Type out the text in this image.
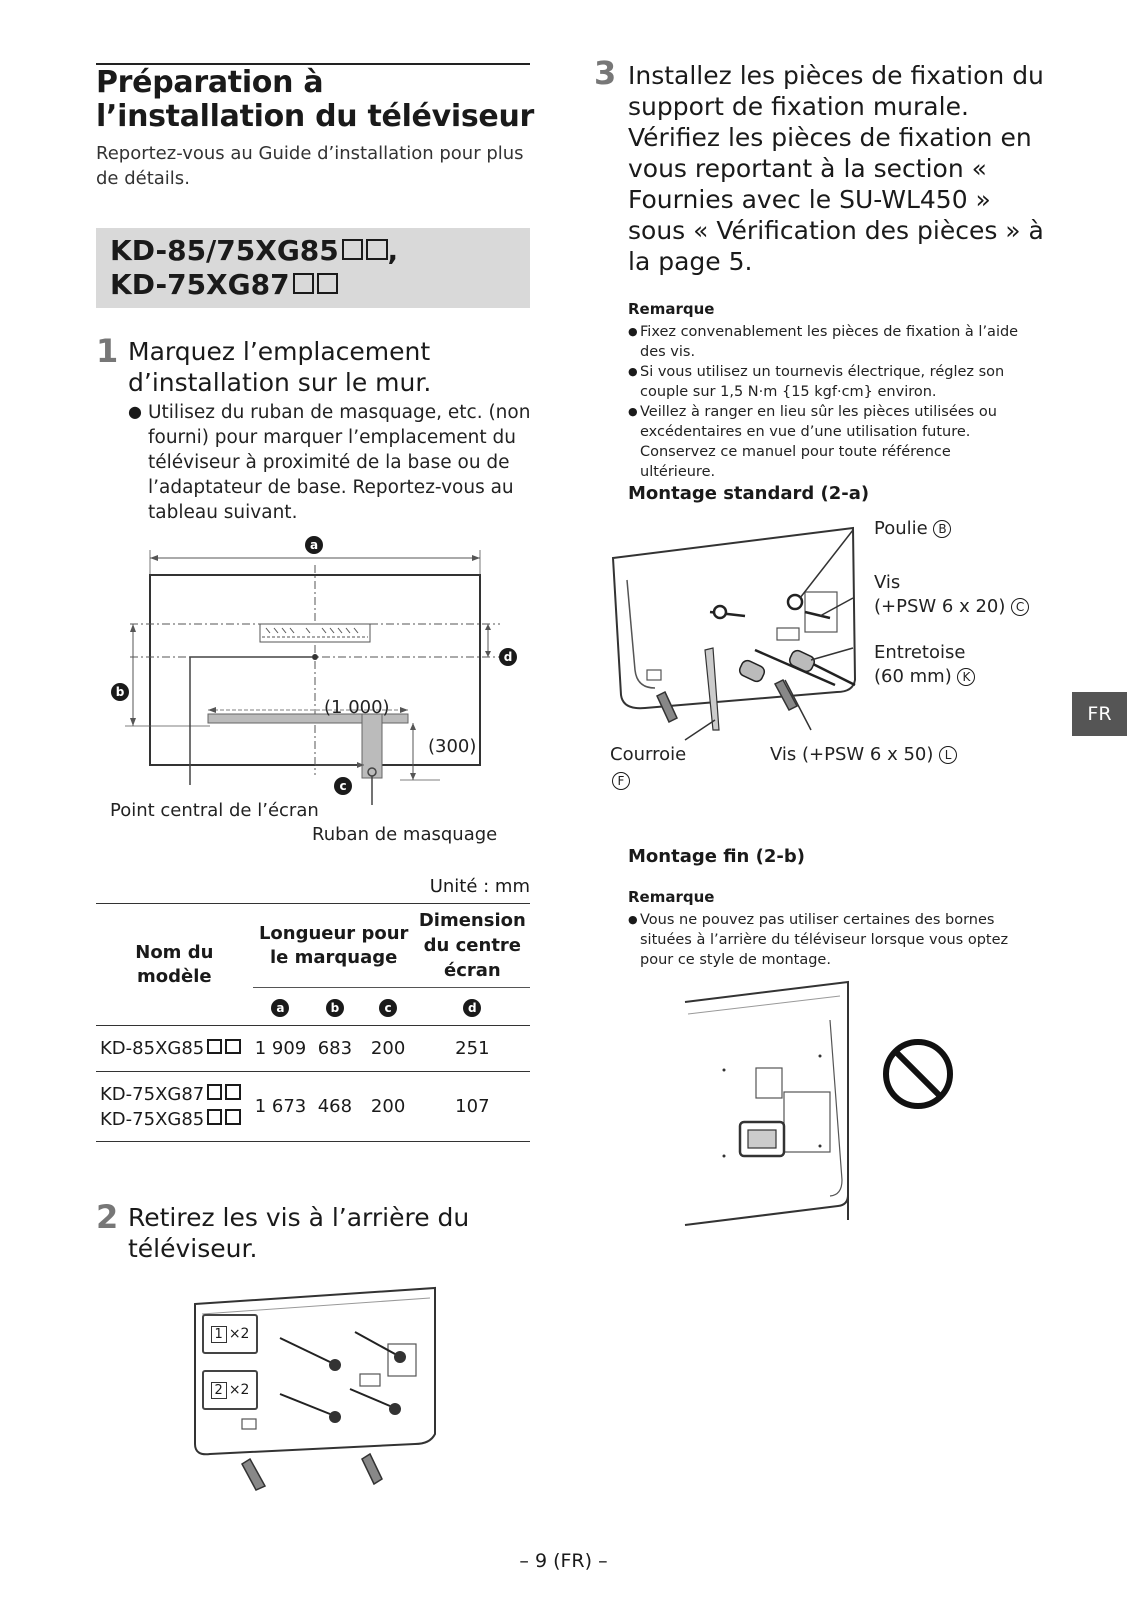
Préparation à l’installation du téléviseur
Reportez-vous au Guide d’installation pour plus de détails.
KD-85/75XG85 ,
KD-75XG87
1 Marquez l’emplacement d’installation sur le mur.
● Utilisez du ruban de masquage, etc. (non fourni) pour marquer l’emplacement du téléviseur à proximité de la base ou de l’adaptateur de base. Reportez-vous au tableau suivant.
a
b
c
d
(1 000)
(300)
Point central de l’écran
Ruban de masquage
Unité : mm
Nom du modèle	Longueur pour le marquage			Dimension du centre écran
	a	b	c	d
KD-85XG85	1 909	683	200	251

KD-75XG87
KD-75XG85	1 673	468	200	107
2 Retirez les vis à l’arrière du téléviseur.
1 ×2
2 ×2
3 Installez les pièces de fixation du support de fixation murale. Vérifiez les pièces de fixation en vous reportant à la section « Fournies avec le SU-WL450 » sous « Vérification des pièces » à la page 5.
Remarque
● Fixez convenablement les pièces de fixation à l’aide des vis.
● Si vous utilisez un tournevis électrique, réglez son couple sur 1,5 N·m {15 kgf·cm} environ.
● Veillez à ranger en lieu sûr les pièces utilisées ou excédentaires en vue d’une utilisation future. Conservez ce manuel pour toute référence ultérieure.
Montage standard (2-a)
Poulie B
Vis
(+PSW 6 x 20) C
Entretoise
(60 mm) K
Courroie
F
Vis (+PSW 6 x 50) L
Montage fin (2-b)
Remarque
● Vous ne pouvez pas utiliser certaines des bornes situées à l’arrière du téléviseur lorsque vous optez pour ce style de montage.
FR
– 9 (FR) –
